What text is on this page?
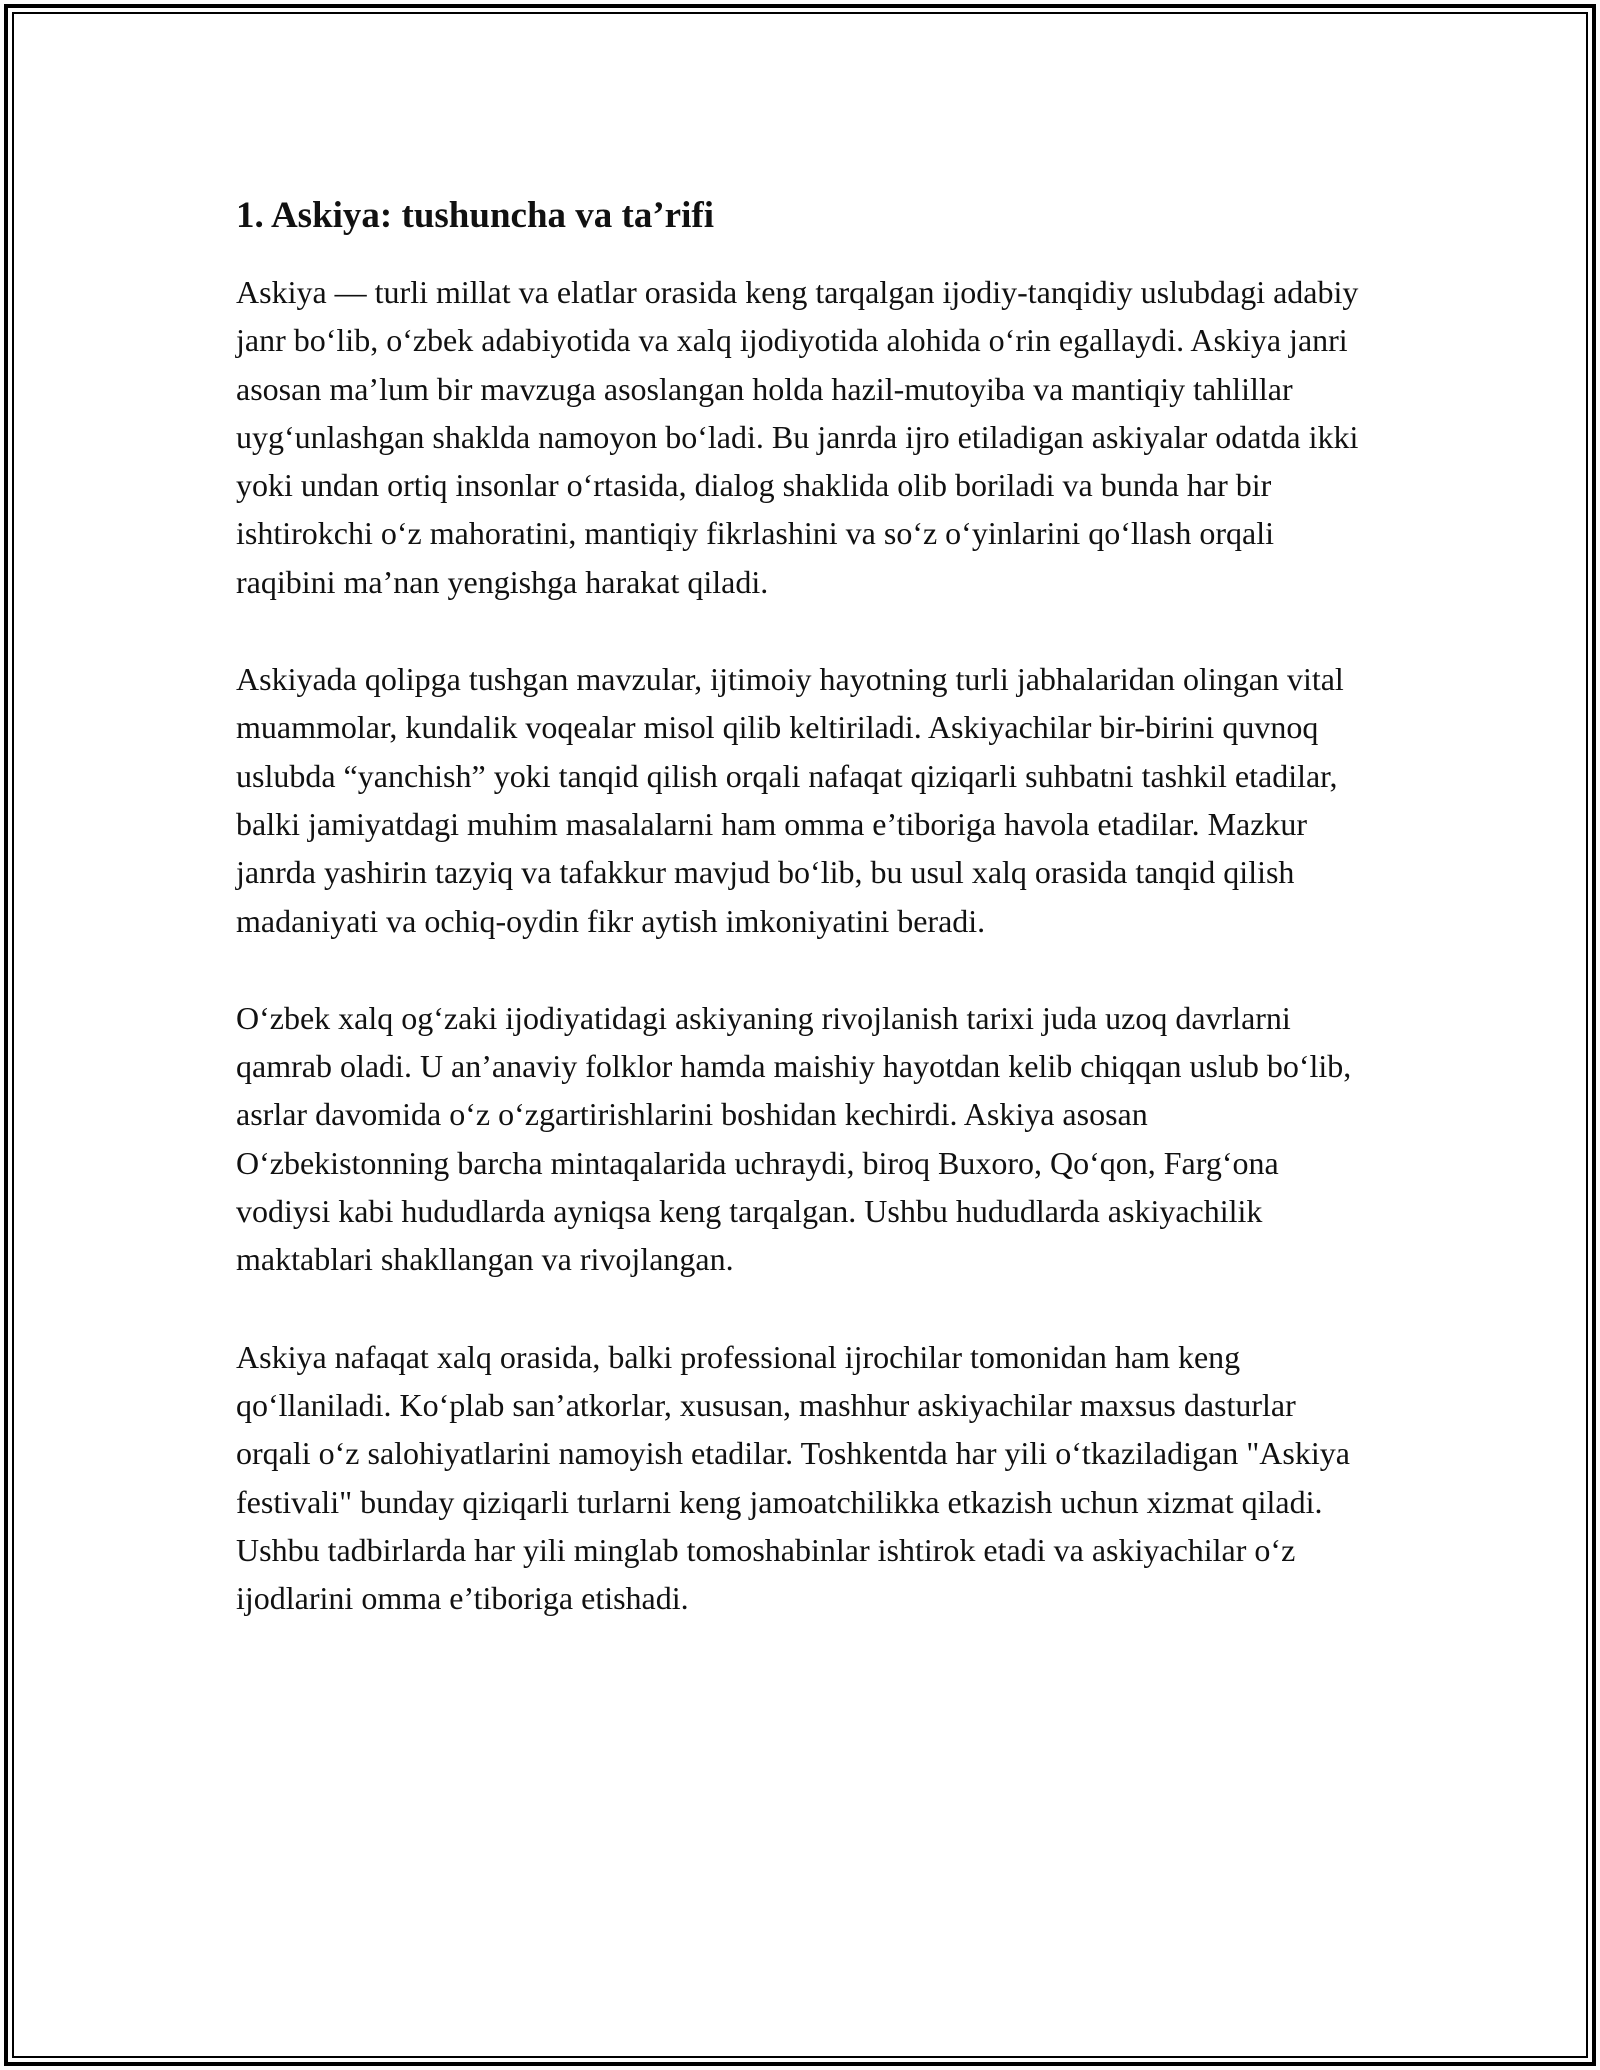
1. Askiya: tushuncha va ta’rifi

Askiya — turli millat va elatlar orasida keng tarqalgan ijodiy-tanqidiy uslubdagi adabiy janr bo‘lib, o‘zbek adabiyotida va xalq ijodiyotida alohida o‘rin egallaydi. Askiya janri asosan ma’lum bir mavzuga asoslangan holda hazil-mutoyiba va mantiqiy tahlillar uyg‘unlashgan shaklda namoyon bo‘ladi. Bu janrda ijro etiladigan askiyalar odatda ikki yoki undan ortiq insonlar o‘rtasida, dialog shaklida olib boriladi va bunda har bir ishtirokchi o‘z mahoratini, mantiqiy fikrlashini va so‘z o‘yinlarini qo‘llash orqali raqibini ma’nan yengishga harakat qiladi.

Askiyada qolipga tushgan mavzular, ijtimoiy hayotning turli jabhalaridan olingan vital muammolar, kundalik voqealar misol qilib keltiriladi. Askiyachilar bir-birini quvnoq uslubda “yanchish” yoki tanqid qilish orqali nafaqat qiziqarli suhbatni tashkil etadilar, balki jamiyatdagi muhim masalalarni ham omma e’tiboriga havola etadilar. Mazkur janrda yashirin tazyiq va tafakkur mavjud bo‘lib, bu usul xalq orasida tanqid qilish madaniyati va ochiq-oydin fikr aytish imkoniyatini beradi.

O‘zbek xalq og‘zaki ijodiyatidagi askiyaning rivojlanish tarixi juda uzoq davrlarni qamrab oladi. U an’anaviy folklor hamda maishiy hayotdan kelib chiqqan uslub bo‘lib, asrlar davomida o‘z o‘zgartirishlarini boshidan kechirdi. Askiya asosan O‘zbekistonning barcha mintaqalarida uchraydi, biroq Buxoro, Qo‘qon, Farg‘ona vodiysi kabi hududlarda ayniqsa keng tarqalgan. Ushbu hududlarda askiyachilik maktablari shakllangan va rivojlangan.

Askiya nafaqat xalq orasida, balki professional ijrochilar tomonidan ham keng qo‘llaniladi. Ko‘plab san’atkorlar, xususan, mashhur askiyachilar maxsus dasturlar orqali o‘z salohiyatlarini namoyish etadilar. Toshkentda har yili o‘tkaziladigan "Askiya festivali" bunday qiziqarli turlarni keng jamoatchilikka etkazish uchun xizmat qiladi. Ushbu tadbirlarda har yili minglab tomoshabinlar ishtirok etadi va askiyachilar o‘z ijodlarini omma e’tiboriga etishadi.
